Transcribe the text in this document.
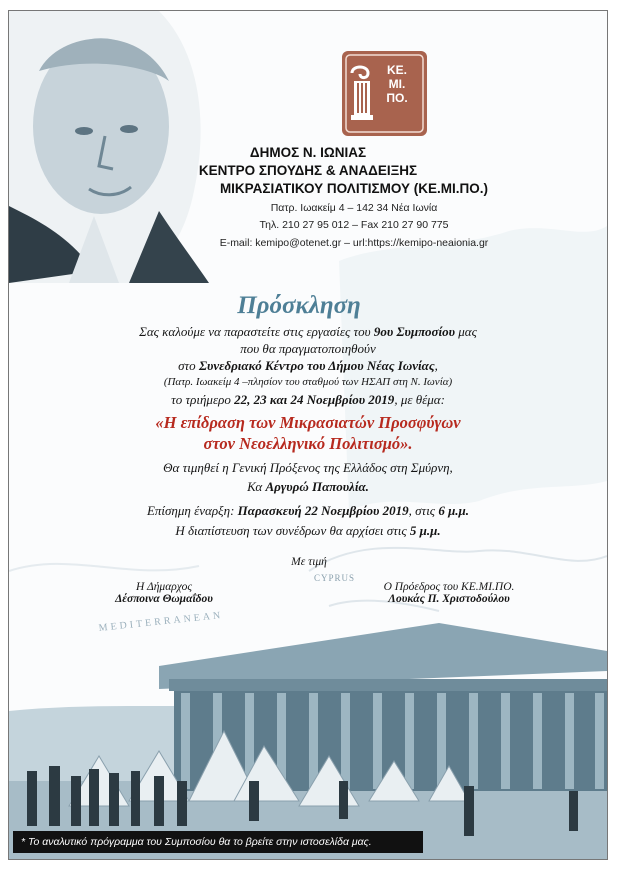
CYPRUS
MEDITERRANEAN
ΚΕ.
ΜΙ.
ΠΟ.
ΔΗΜΟΣ Ν. ΙΩΝΙΑΣ
ΚΕΝΤΡΟ ΣΠΟΥΔΗΣ & ΑΝΑΔΕΙΞΗΣ
ΜΙΚΡΑΣΙΑΤΙΚΟΥ ΠΟΛΙΤΙΣΜΟΥ (ΚΕ.ΜΙ.ΠΟ.)
Πατρ. Ιωακείμ 4 – 142 34 Νέα Ιωνία
Τηλ. 210 27 95 012 – Fax 210 27 90 775
E-mail: kemipo@otenet.gr – url:https://kemipo-neaionia.gr
Πρόσκληση
Σας καλούμε να παραστείτε στις εργασίες του 9ου Συμποσίου μας
που θα πραγματοποιηθούν
στο Συνεδριακό Κέντρο του Δήμου Νέας Ιωνίας,
(Πατρ. Ιωακείμ 4 –πλησίον του σταθμού των ΗΣΑΠ στη Ν. Ιωνία)
το τριήμερο 22, 23 και 24 Νοεμβρίου 2019, με θέμα:
«Η επίδραση των Μικρασιατών Προσφύγων
στον Νεοελληνικό Πολιτισμό».
Θα τιμηθεί η Γενική Πρόξενος της Ελλάδος στη Σμύρνη,
Κα Αργυρώ Παπουλία.
Επίσημη έναρξη: Παρασκευή 22 Νοεμβρίου 2019, στις 6 μ.μ.
Η διαπίστευση των συνέδρων θα αρχίσει στις 5 μ.μ.
Με τιμή
Η Δήμαρχος
Δέσποινα Θωμαΐδου
Ο Πρόεδρος του ΚΕ.ΜΙ.ΠΟ.
Λουκάς Π. Χριστοδούλου
* Το αναλυτικό πρόγραμμα του Συμποσίου θα το βρείτε στην ιστοσελίδα μας.
